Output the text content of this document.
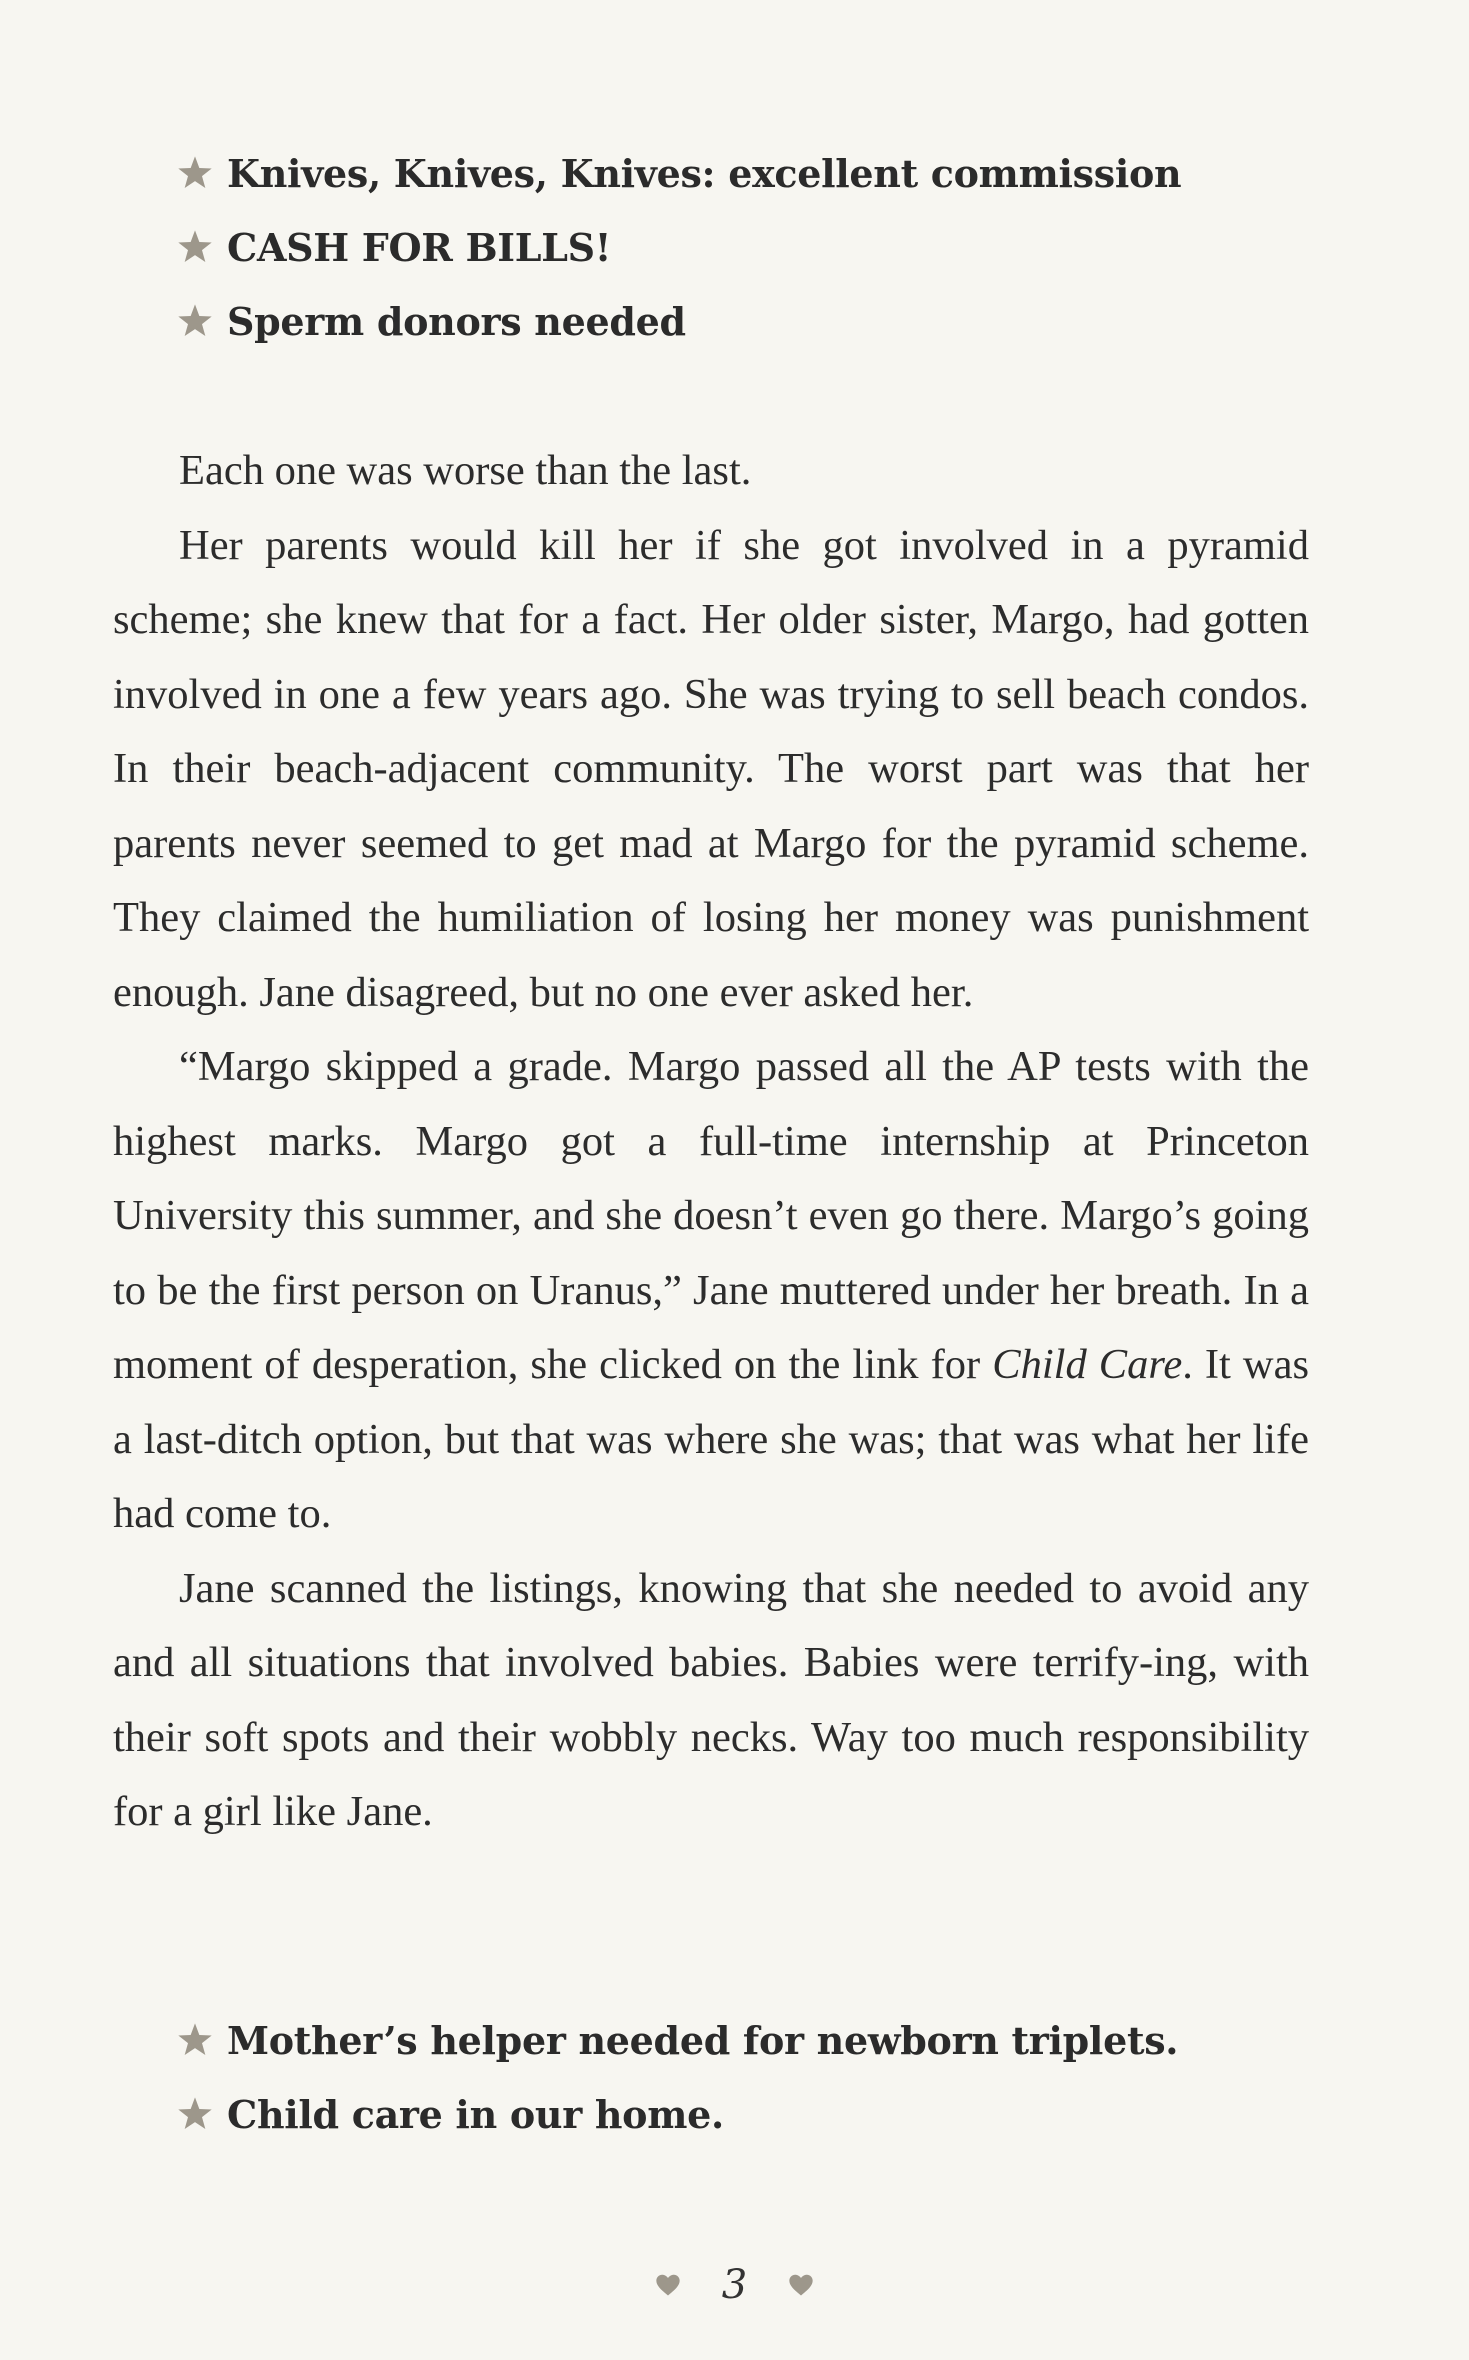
Knives, Knives, Knives: excellent commission
CASH FOR BILLS!
Sperm donors needed

Each one was worse than the last.

Her parents would kill her if she got involved in a pyramid scheme; she knew that for a fact. Her older sister, Margo, had gotten involved in one a few years ago. She was trying to sell beach condos. In their beach-adjacent community. The worst part was that her parents never seemed to get mad at Margo for the pyramid scheme. They claimed the humiliation of losing her money was punishment enough. Jane disagreed, but no one ever asked her.

“Margo skipped a grade. Margo passed all the AP tests with the highest marks. Margo got a full-time internship at Princeton University this summer, and she doesn’t even go there. Margo’s going to be the first person on Uranus,” Jane muttered under her breath. In a moment of desperation, she clicked on the link for Child Care. It was a last-ditch option, but that was where she was; that was what her life had come to.

Jane scanned the listings, knowing that she needed to avoid any and all situations that involved babies. Babies were terrify-ing, with their soft spots and their wobbly necks. Way too much responsibility for a girl like Jane.

Mother’s helper needed for newborn triplets.
Child care in our home.
3
